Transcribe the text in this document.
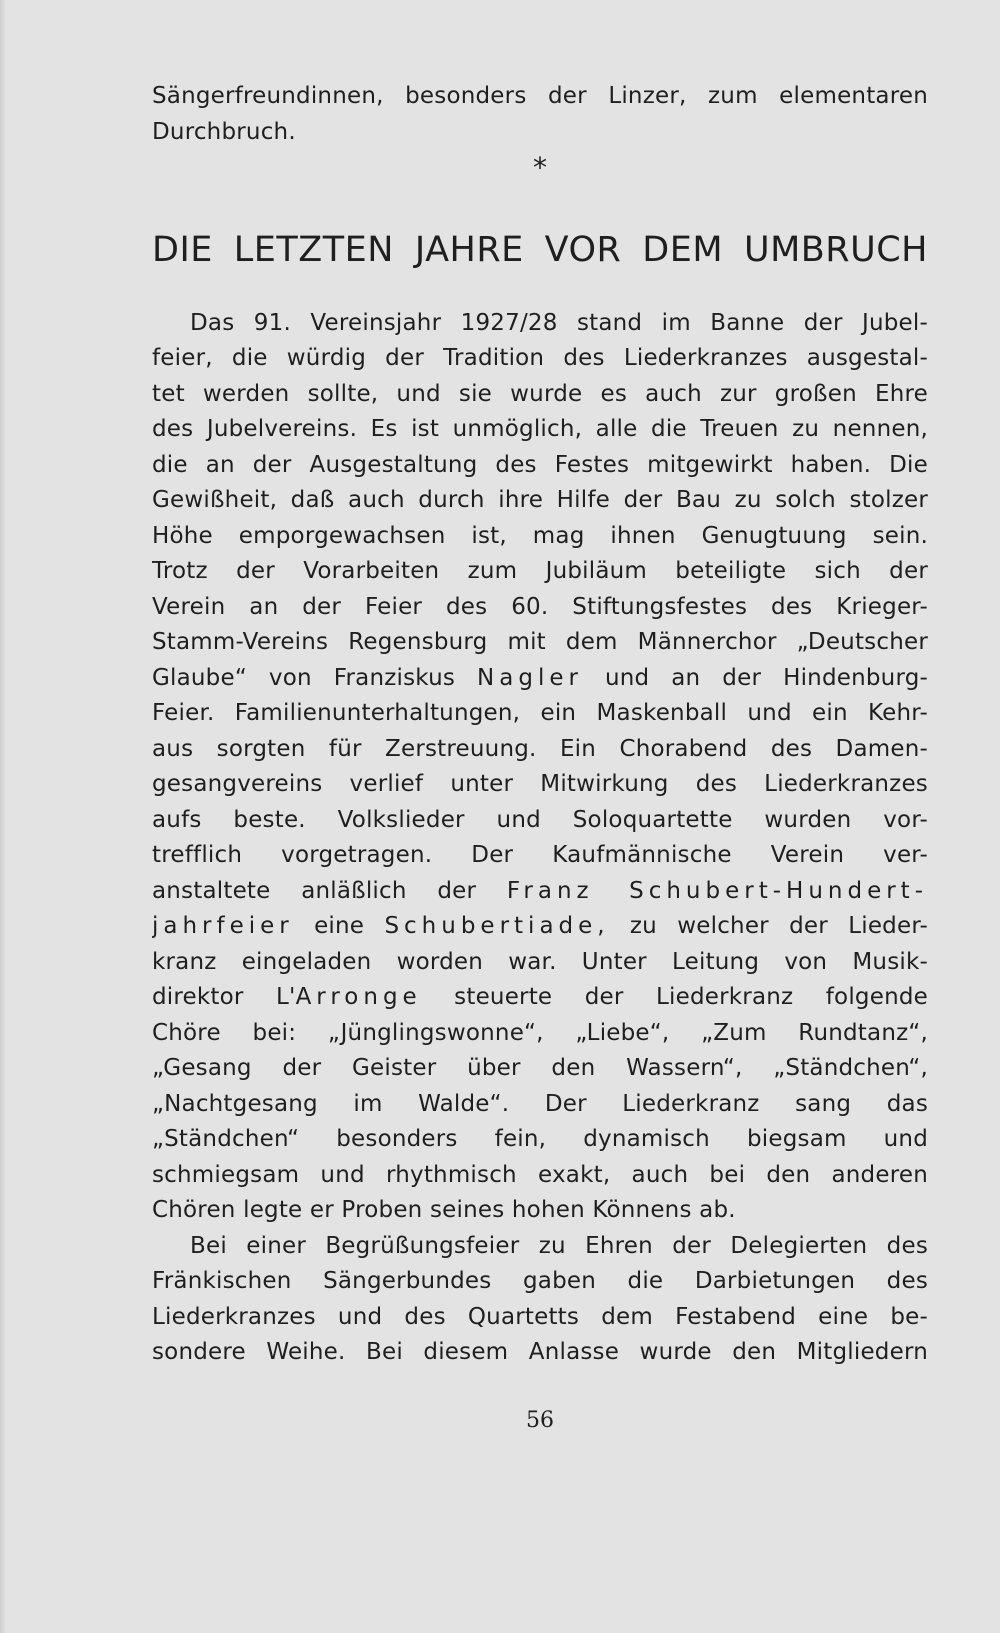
Sängerfreundinnen, besonders der Linzer, zum elementaren
Durchbruch.
*
DIE LETZTEN JAHRE VOR DEM UMBRUCH
Das 91. Vereinsjahr 1927/28 stand im Banne der Jubel-
feier, die würdig der Tradition des Liederkranzes ausgestal-
tet werden sollte, und sie wurde es auch zur großen Ehre
des Jubelvereins. Es ist unmöglich, alle die Treuen zu nennen,
die an der Ausgestaltung des Festes mitgewirkt haben. Die
Gewißheit, daß auch durch ihre Hilfe der Bau zu solch stolzer
Höhe emporgewachsen ist, mag ihnen Genugtuung sein.
Trotz der Vorarbeiten zum Jubiläum beteiligte sich der
Verein an der Feier des 60. Stiftungsfestes des Krieger-
Stamm-Vereins Regensburg mit dem Männerchor „Deutscher
Glaube“ von Franziskus Nagler und an der Hindenburg-
Feier. Familienunterhaltungen, ein Maskenball und ein Kehr-
aus sorgten für Zerstreuung. Ein Chorabend des Damen-
gesangvereins verlief unter Mitwirkung des Liederkranzes
aufs beste. Volkslieder und Soloquartette wurden vor-
trefflich vorgetragen. Der Kaufmännische Verein ver-
anstaltete anläßlich der Franz Schubert-Hundert-
jahrfeier eine Schubertiade, zu welcher der Lieder-
kranz eingeladen worden war. Unter Leitung von Musik-
direktor L'Arronge steuerte der Liederkranz folgende
Chöre bei: „Jünglingswonne“, „Liebe“, „Zum Rundtanz“,
„Gesang der Geister über den Wassern“, „Ständchen“,
„Nachtgesang im Walde“. Der Liederkranz sang das
„Ständchen“ besonders fein, dynamisch biegsam und
schmiegsam und rhythmisch exakt, auch bei den anderen
Chören legte er Proben seines hohen Könnens ab.
Bei einer Begrüßungsfeier zu Ehren der Delegierten des
Fränkischen Sängerbundes gaben die Darbietungen des
Liederkranzes und des Quartetts dem Festabend eine be-
sondere Weihe. Bei diesem Anlasse wurde den Mitgliedern
56
